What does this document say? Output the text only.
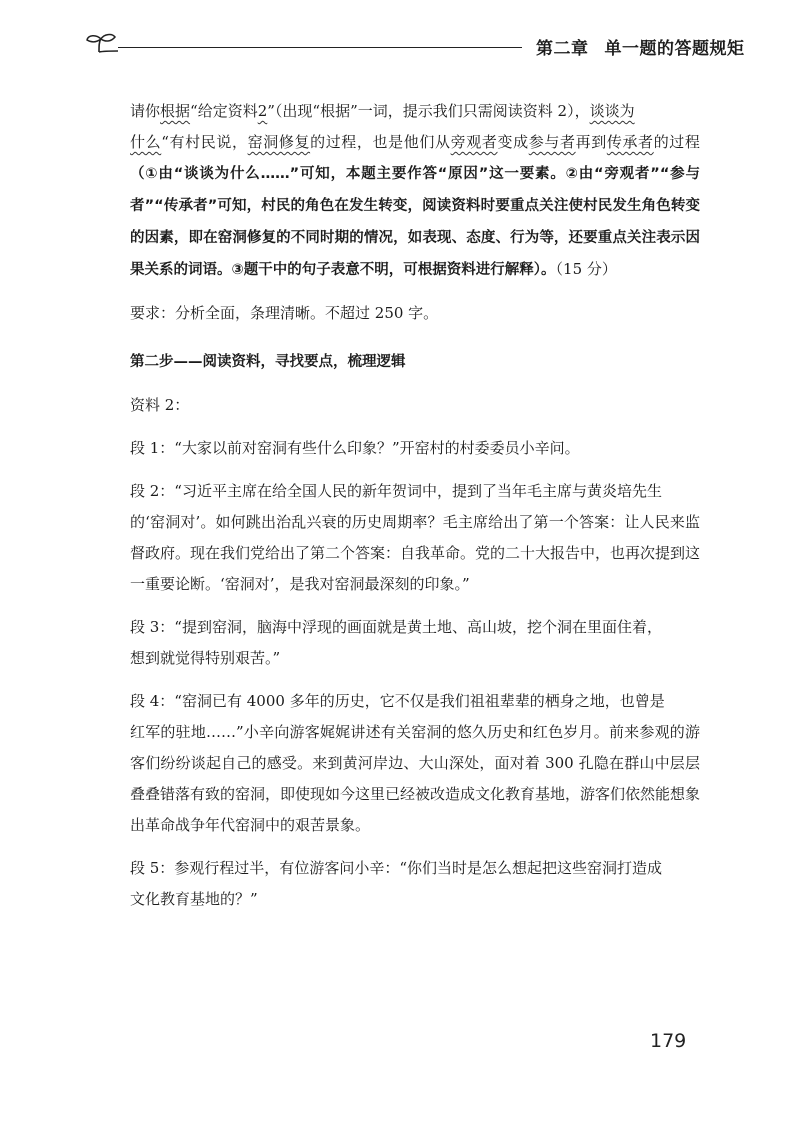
第二章 单一题的答题规矩

请你根据“给定资料2”（出现“根据”一词，提示我们只需阅读资料 2），谈谈为

什么“有村民说，窑洞修复的过程，也是他们从旁观者变成参与者再到传承者的过程（①由“谈谈为什么……”可知，本题主要作答“原因”这一要素。②由“旁观者”“参与者”“传承者”可知，村民的角色在发生转变，阅读资料时要重点关注使村民发生角色转变的因素，即在窑洞修复的不同时期的情况，如表现、态度、行为等，还要重点关注表示因果关系的词语。③题干中的句子表意不明，可根据资料进行解释）。（15 分）

要求：分析全面，条理清晰。不超过 250 字。

第二步——阅读资料，寻找要点，梳理逻辑

资料 2：

段 1：“大家以前对窑洞有些什么印象？”开窑村的村委委员小辛问。

段 2：“习近平主席在给全国人民的新年贺词中，提到了当年毛主席与黄炎培先生

的‘窑洞对’。如何跳出治乱兴衰的历史周期率？毛主席给出了第一个答案：让人民来监督政府。现在我们党给出了第二个答案：自我革命。党的二十大报告中，也再次提到这一重要论断。‘窑洞对’，是我对窑洞最深刻的印象。”

段 3：“提到窑洞，脑海中浮现的画面就是黄土地、高山坡，挖个洞在里面住着，

想到就觉得特别艰苦。”

段 4：“窑洞已有 4000 多年的历史，它不仅是我们祖祖辈辈的栖身之地，也曾是

红军的驻地……”小辛向游客娓娓讲述有关窑洞的悠久历史和红色岁月。前来参观的游客们纷纷谈起自己的感受。来到黄河岸边、大山深处，面对着 300 孔隐在群山中层层叠叠错落有致的窑洞，即使现如今这里已经被改造成文化教育基地，游客们依然能想象出革命战争年代窑洞中的艰苦景象。

段 5：参观行程过半，有位游客问小辛：“你们当时是怎么想起把这些窑洞打造成

文化教育基地的？”

179
